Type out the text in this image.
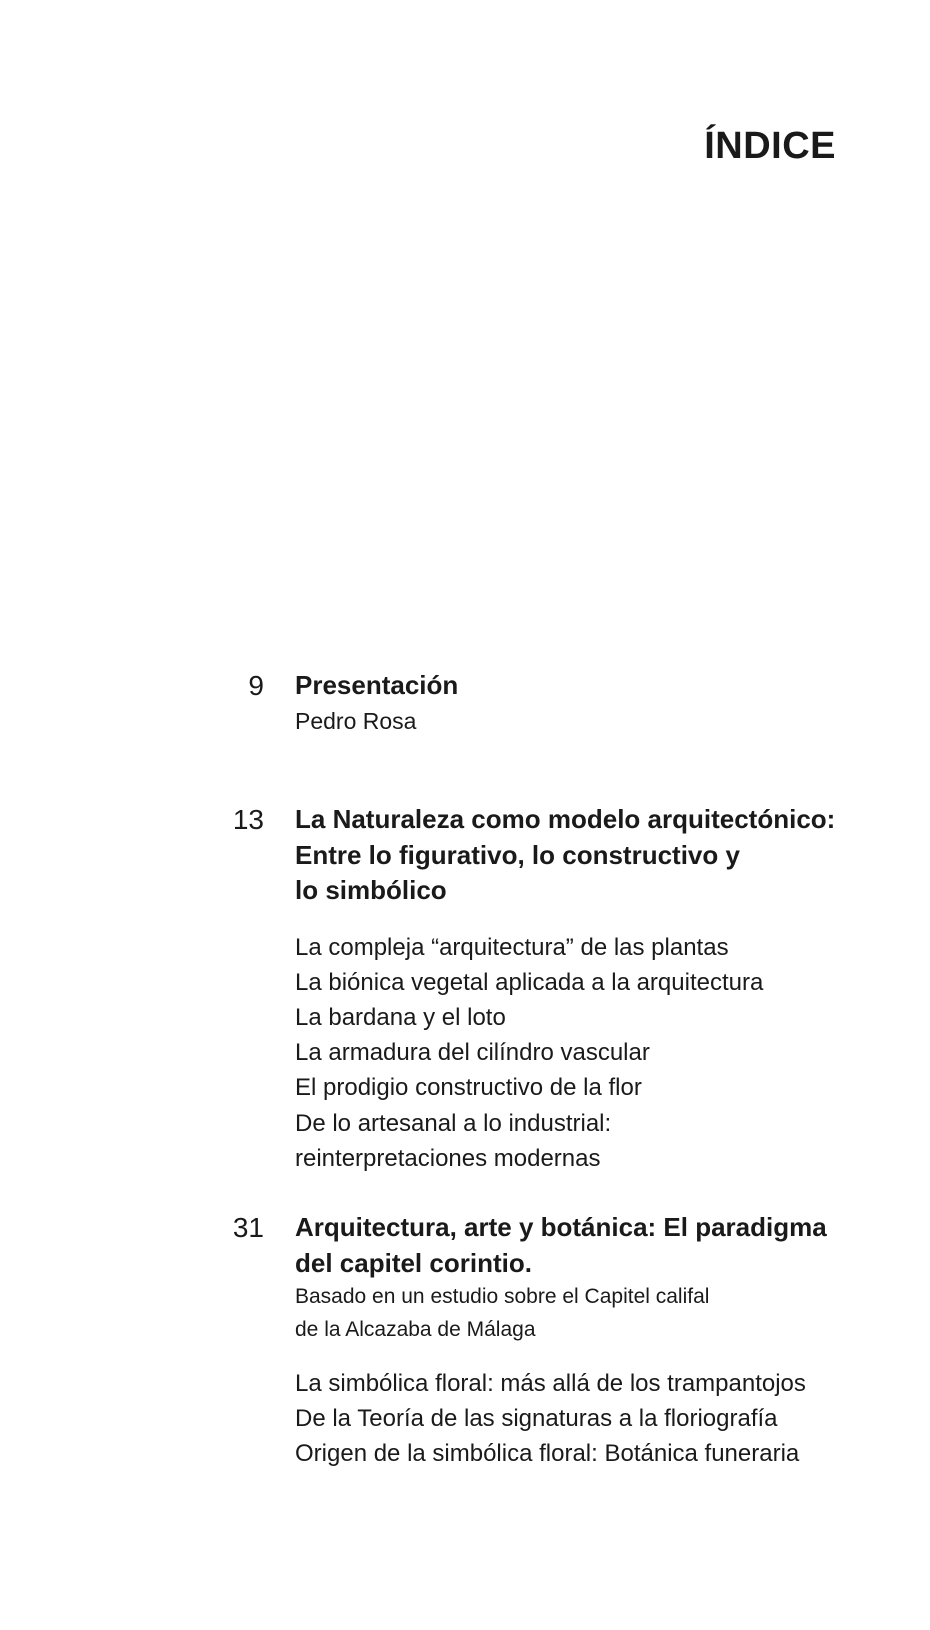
ÍNDICE
9 Presentación

Pedro Rosa

13 La Naturaleza como modelo arquitectónico:
Entre lo figurativo, lo constructivo y
lo simbólico

La compleja “arquitectura” de las plantas
La biónica vegetal aplicada a la arquitectura
La bardana y el loto
La armadura del cilíndro vascular
El prodigio constructivo de la flor
De lo artesanal a lo industrial:
reinterpretaciones modernas
31 Arquitectura, arte y botánica: El paradigma
del capitel corintio.

Basado en un estudio sobre el Capitel califal
de la Alcazaba de Málaga

La simbólica floral: más allá de los trampantojos
De la Teoría de las signaturas a la floriografía
Origen de la simbólica floral: Botánica funeraria
